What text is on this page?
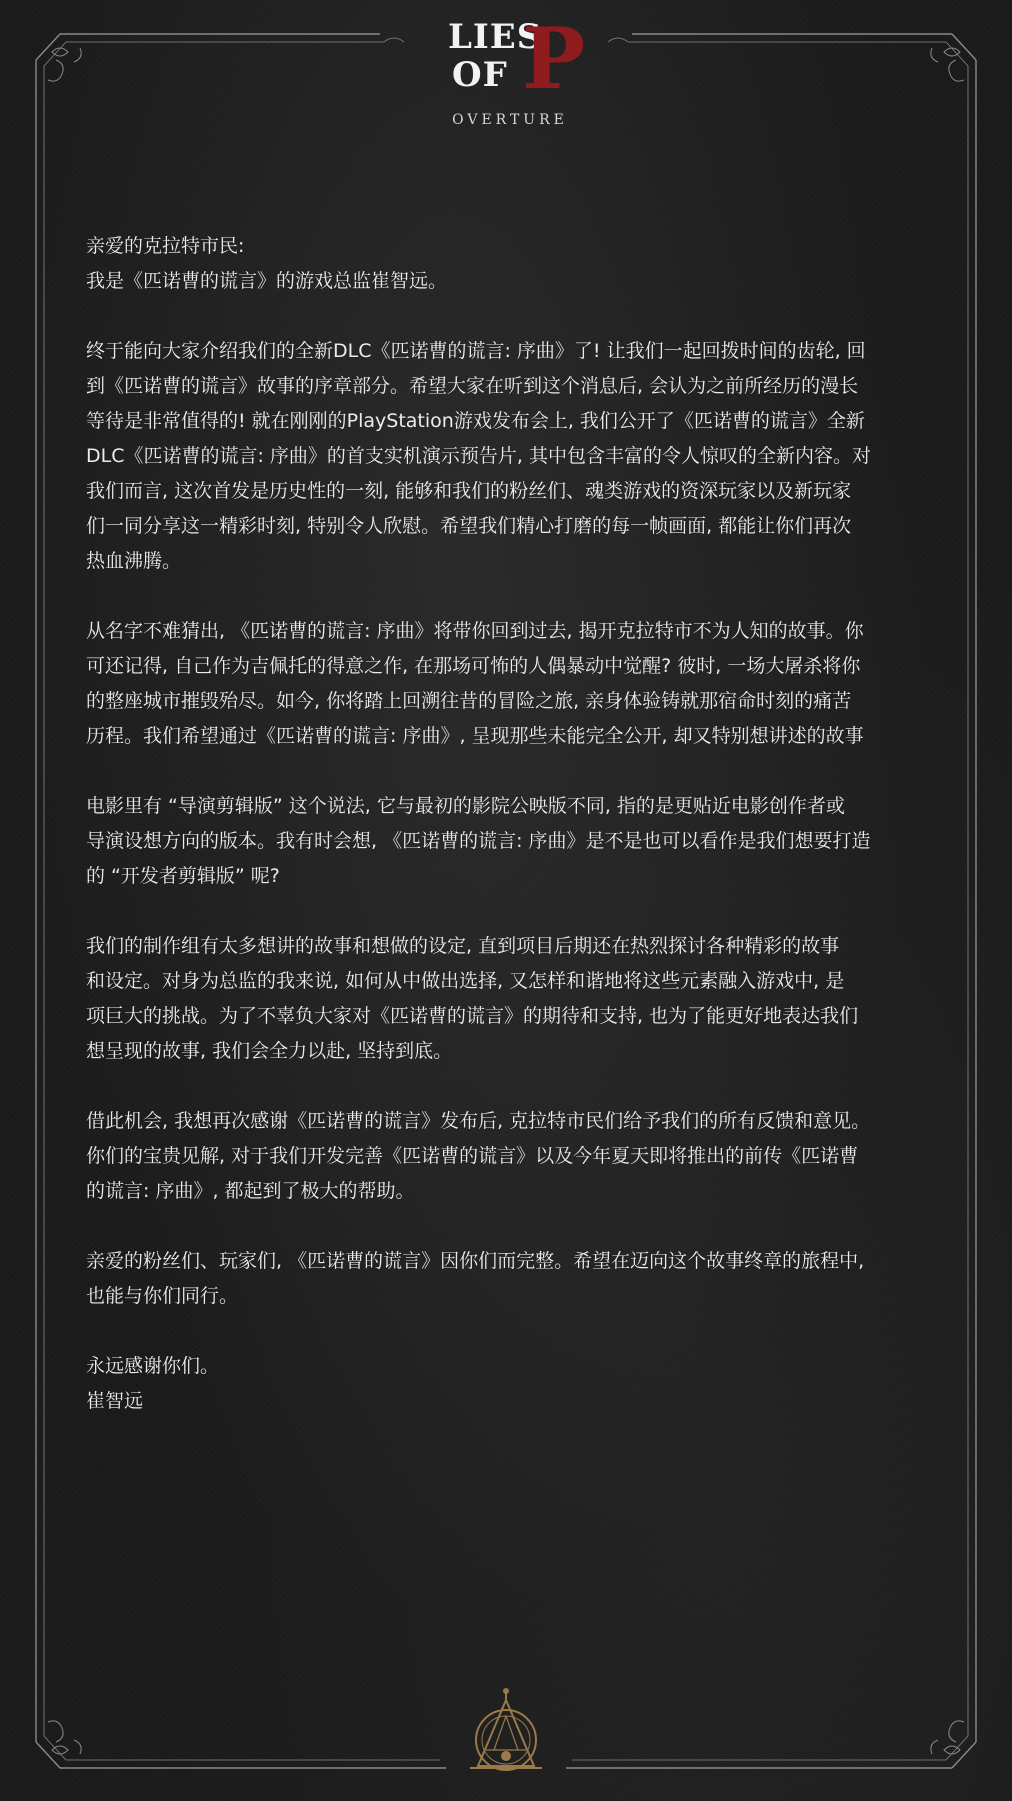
LIES
OF P
OVERTURE
亲爱的克拉特市民:
我是《匹诺曹的谎言》的游戏总监崔智远。
终于能向大家介绍我们的全新DLC《匹诺曹的谎言: 序曲》了! 让我们一起回拨时间的齿轮, 回
到《匹诺曹的谎言》故事的序章部分。希望大家在听到这个消息后, 会认为之前所经历的漫长
等待是非常值得的! 就在刚刚的PlayStation游戏发布会上, 我们公开了《匹诺曹的谎言》全新
DLC《匹诺曹的谎言: 序曲》的首支实机演示预告片, 其中包含丰富的令人惊叹的全新内容。对
我们而言, 这次首发是历史性的一刻, 能够和我们的粉丝们、魂类游戏的资深玩家以及新玩家
们一同分享这一精彩时刻, 特别令人欣慰。希望我们精心打磨的每一帧画面, 都能让你们再次
热血沸腾。
从名字不难猜出, 《匹诺曹的谎言: 序曲》将带你回到过去, 揭开克拉特市不为人知的故事。你
可还记得, 自己作为吉佩托的得意之作, 在那场可怖的人偶暴动中觉醒? 彼时, 一场大屠杀将你
的整座城市摧毁殆尽。如今, 你将踏上回溯往昔的冒险之旅, 亲身体验铸就那宿命时刻的痛苦
历程。我们希望通过《匹诺曹的谎言: 序曲》, 呈现那些未能完全公开, 却又特别想讲述的故事
电影里有 “导演剪辑版” 这个说法, 它与最初的影院公映版不同, 指的是更贴近电影创作者或
导演设想方向的版本。我有时会想, 《匹诺曹的谎言: 序曲》是不是也可以看作是我们想要打造
的 “开发者剪辑版” 呢?
我们的制作组有太多想讲的故事和想做的设定, 直到项目后期还在热烈探讨各种精彩的故事
和设定。对身为总监的我来说, 如何从中做出选择, 又怎样和谐地将这些元素融入游戏中, 是
项巨大的挑战。为了不辜负大家对《匹诺曹的谎言》的期待和支持, 也为了能更好地表达我们
想呈现的故事, 我们会全力以赴, 坚持到底。
借此机会, 我想再次感谢《匹诺曹的谎言》发布后, 克拉特市民们给予我们的所有反馈和意见。
你们的宝贵见解, 对于我们开发完善《匹诺曹的谎言》以及今年夏天即将推出的前传《匹诺曹
的谎言: 序曲》, 都起到了极大的帮助。
亲爱的粉丝们、玩家们, 《匹诺曹的谎言》因你们而完整。希望在迈向这个故事终章的旅程中,
也能与你们同行。
永远感谢你们。
崔智远
